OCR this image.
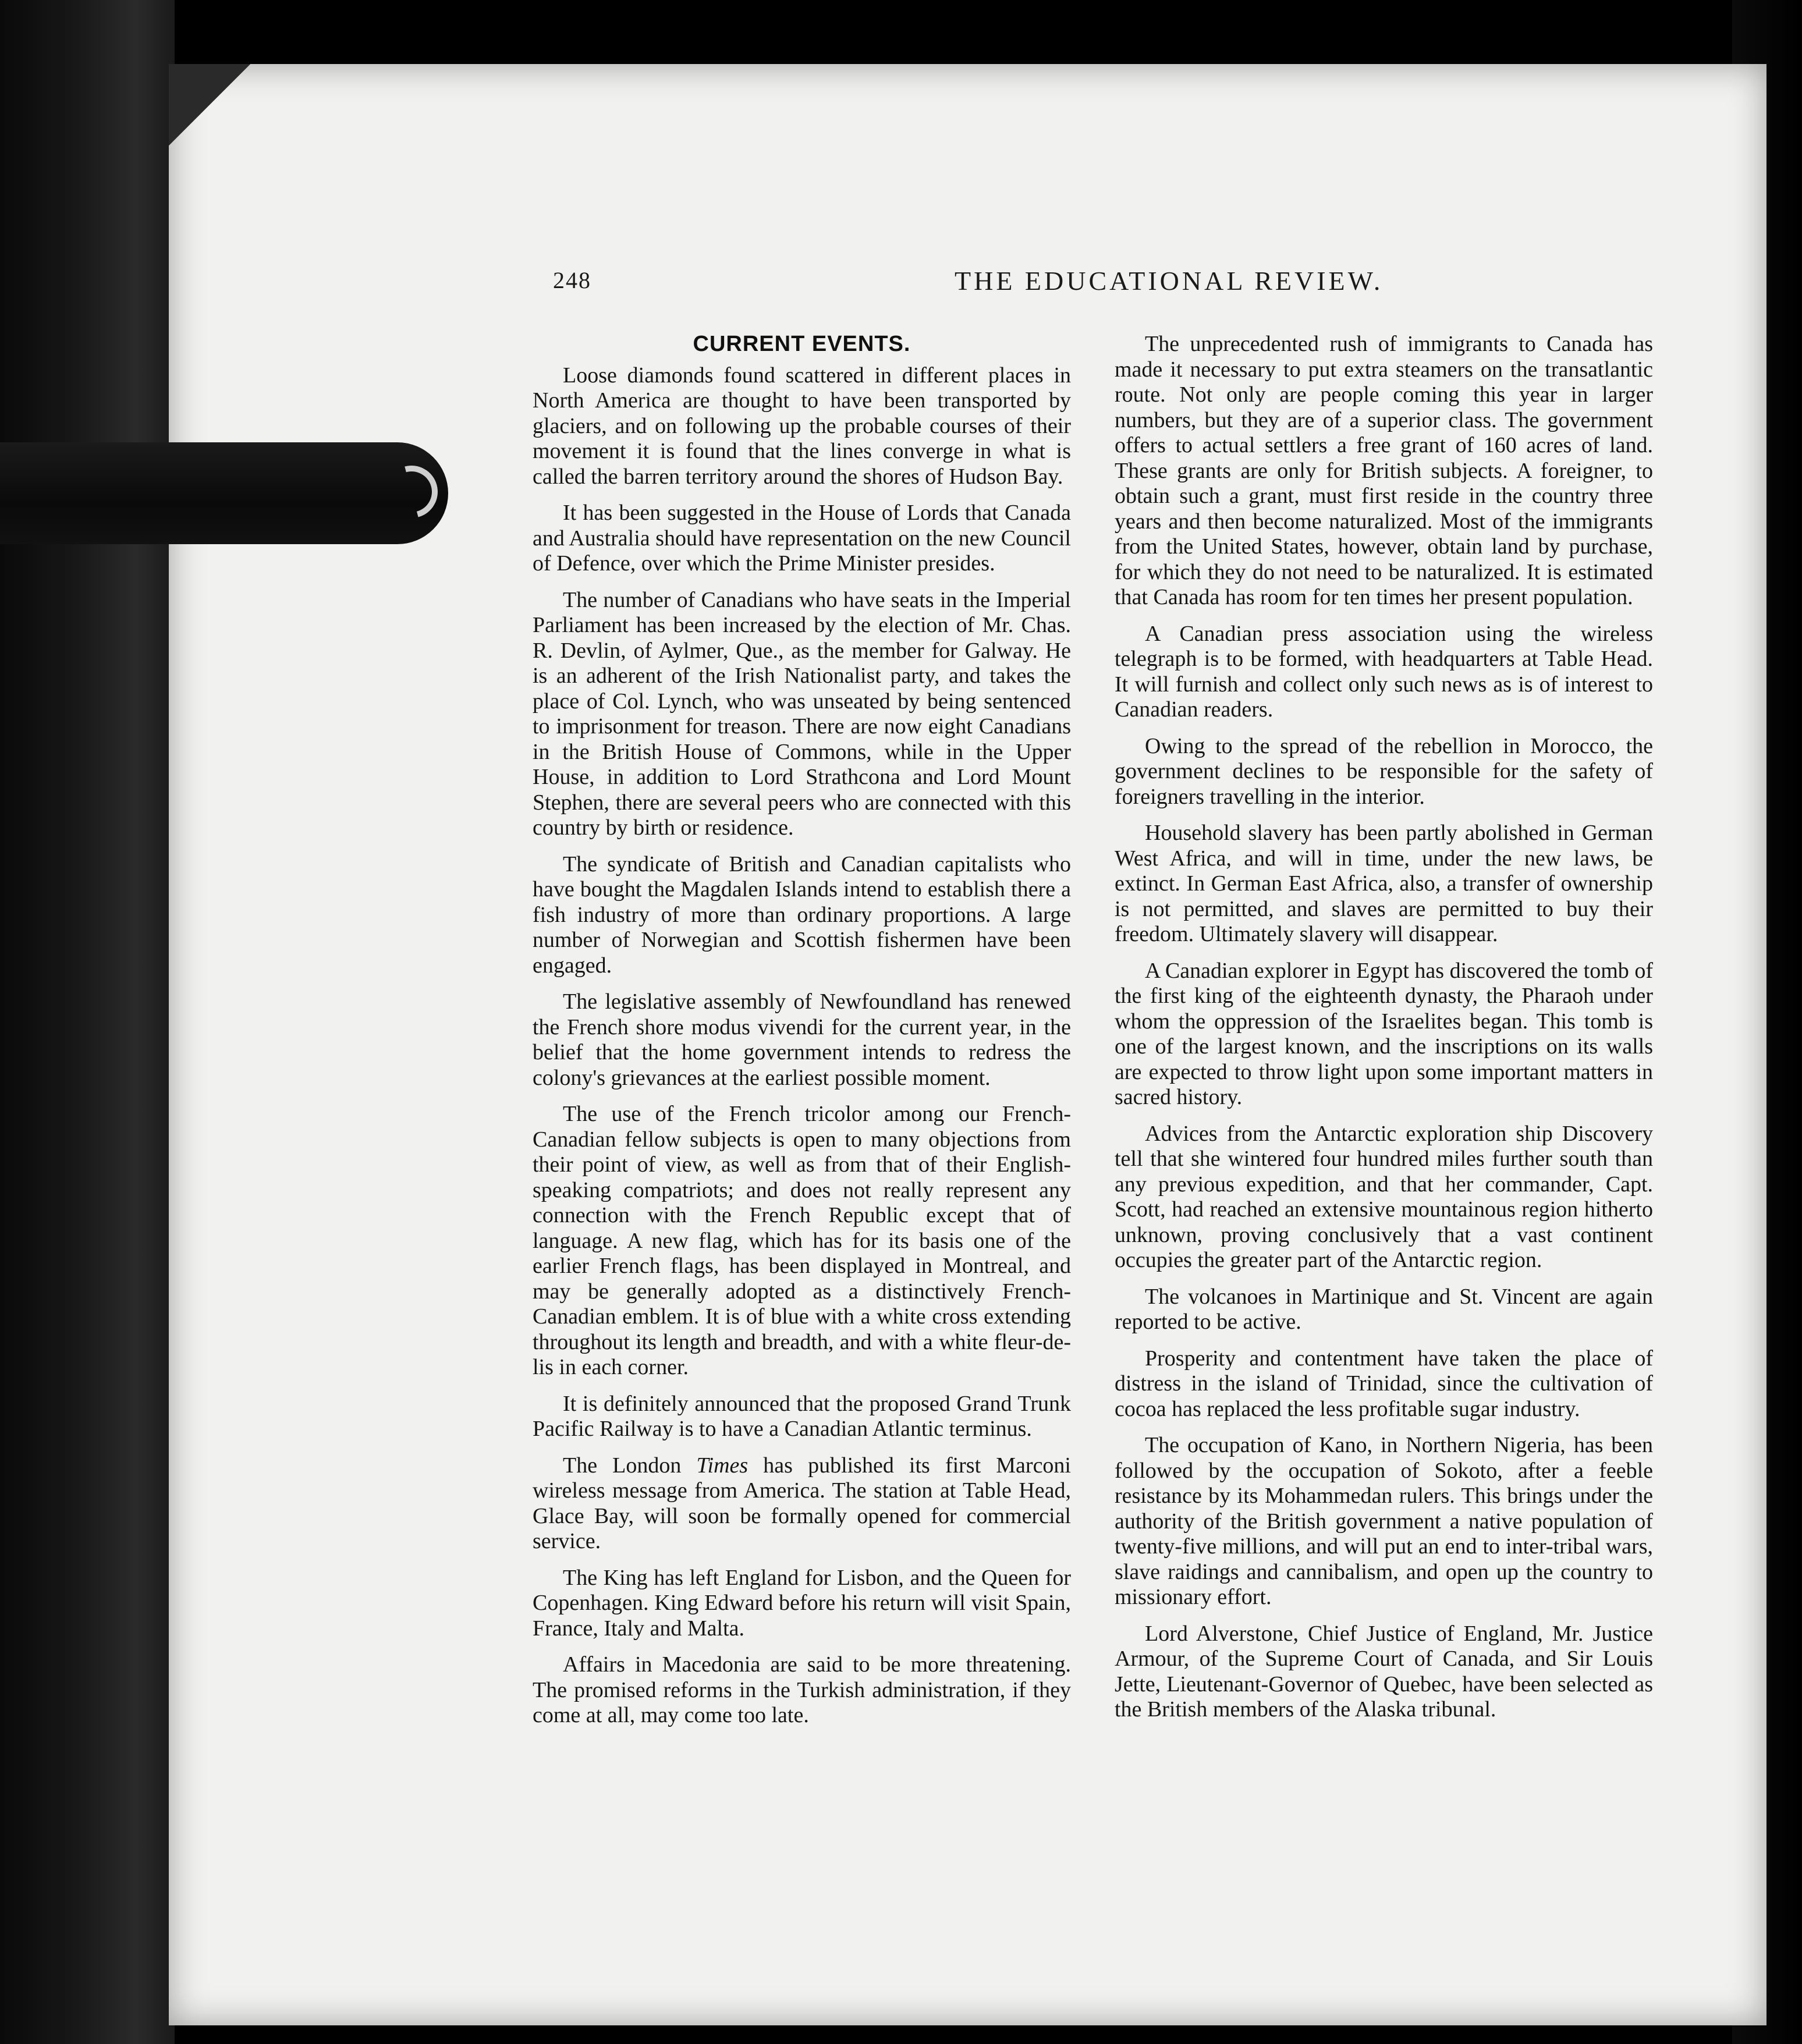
248	THE EDUCATIONAL REVIEW.
CURRENT EVENTS.

Loose diamonds found scattered in different places in North America are thought to have been transported by glaciers, and on following up the probable courses of their movement it is found that the lines converge in what is called the barren territory around the shores of Hudson Bay.

It has been suggested in the House of Lords that Canada and Australia should have representation on the new Council of Defence, over which the Prime Minister presides.

The number of Canadians who have seats in the Imperial Parliament has been increased by the election of Mr. Chas. R. Devlin, of Aylmer, Que., as the member for Galway. He is an adherent of the Irish Nationalist party, and takes the place of Col. Lynch, who was unseated by being sentenced to imprisonment for treason. There are now eight Canadians in the British House of Commons, while in the Upper House, in addition to Lord Strathcona and Lord Mount Stephen, there are several peers who are connected with this country by birth or residence.

The syndicate of British and Canadian capitalists who have bought the Magdalen Islands intend to establish there a fish industry of more than ordinary proportions. A large number of Norwegian and Scottish fishermen have been engaged.

The legislative assembly of Newfoundland has renewed the French shore modus vivendi for the current year, in the belief that the home government intends to redress the colony's grievances at the earliest possible moment.

The use of the French tricolor among our French-Canadian fellow subjects is open to many objections from their point of view, as well as from that of their English-speaking compatriots; and does not really represent any connection with the French Republic except that of language. A new flag, which has for its basis one of the earlier French flags, has been displayed in Montreal, and may be generally adopted as a distinctively French-Canadian emblem. It is of blue with a white cross extending throughout its length and breadth, and with a white fleur-de-lis in each corner.

It is definitely announced that the proposed Grand Trunk Pacific Railway is to have a Canadian Atlantic terminus.

The London Times has published its first Marconi wireless message from America. The station at Table Head, Glace Bay, will soon be formally opened for commercial service.

The King has left England for Lisbon, and the Queen for Copenhagen. King Edward before his return will visit Spain, France, Italy and Malta.

Affairs in Macedonia are said to be more threatening. The promised reforms in the Turkish administration, if they come at all, may come too late.

The unprecedented rush of immigrants to Canada has made it necessary to put extra steamers on the transatlantic route. Not only are people coming this year in larger numbers, but they are of a superior class. The government offers to actual settlers a free grant of 160 acres of land. These grants are only for British subjects. A foreigner, to obtain such a grant, must first reside in the country three years and then become naturalized. Most of the immigrants from the United States, however, obtain land by purchase, for which they do not need to be naturalized. It is estimated that Canada has room for ten times her present population.

A Canadian press association using the wireless telegraph is to be formed, with headquarters at Table Head. It will furnish and collect only such news as is of interest to Canadian readers.

Owing to the spread of the rebellion in Morocco, the government declines to be responsible for the safety of foreigners travelling in the interior.

Household slavery has been partly abolished in German West Africa, and will in time, under the new laws, be extinct. In German East Africa, also, a transfer of ownership is not permitted, and slaves are permitted to buy their freedom. Ultimately slavery will disappear.

A Canadian explorer in Egypt has discovered the tomb of the first king of the eighteenth dynasty, the Pharaoh under whom the oppression of the Israelites began. This tomb is one of the largest known, and the inscriptions on its walls are expected to throw light upon some important matters in sacred history.

Advices from the Antarctic exploration ship Discovery tell that she wintered four hundred miles further south than any previous expedition, and that her commander, Capt. Scott, had reached an extensive mountainous region hitherto unknown, proving conclusively that a vast continent occupies the greater part of the Antarctic region.

The volcanoes in Martinique and St. Vincent are again reported to be active.

Prosperity and contentment have taken the place of distress in the island of Trinidad, since the cultivation of cocoa has replaced the less profitable sugar industry.

The occupation of Kano, in Northern Nigeria, has been followed by the occupation of Sokoto, after a feeble resistance by its Mohammedan rulers. This brings under the authority of the British government a native population of twenty-five millions, and will put an end to inter-tribal wars, slave raidings and cannibalism, and open up the country to missionary effort.

Lord Alverstone, Chief Justice of England, Mr. Justice Armour, of the Supreme Court of Canada, and Sir Louis Jette, Lieutenant-Governor of Quebec, have been selected as the British members of the Alaska tribunal.
